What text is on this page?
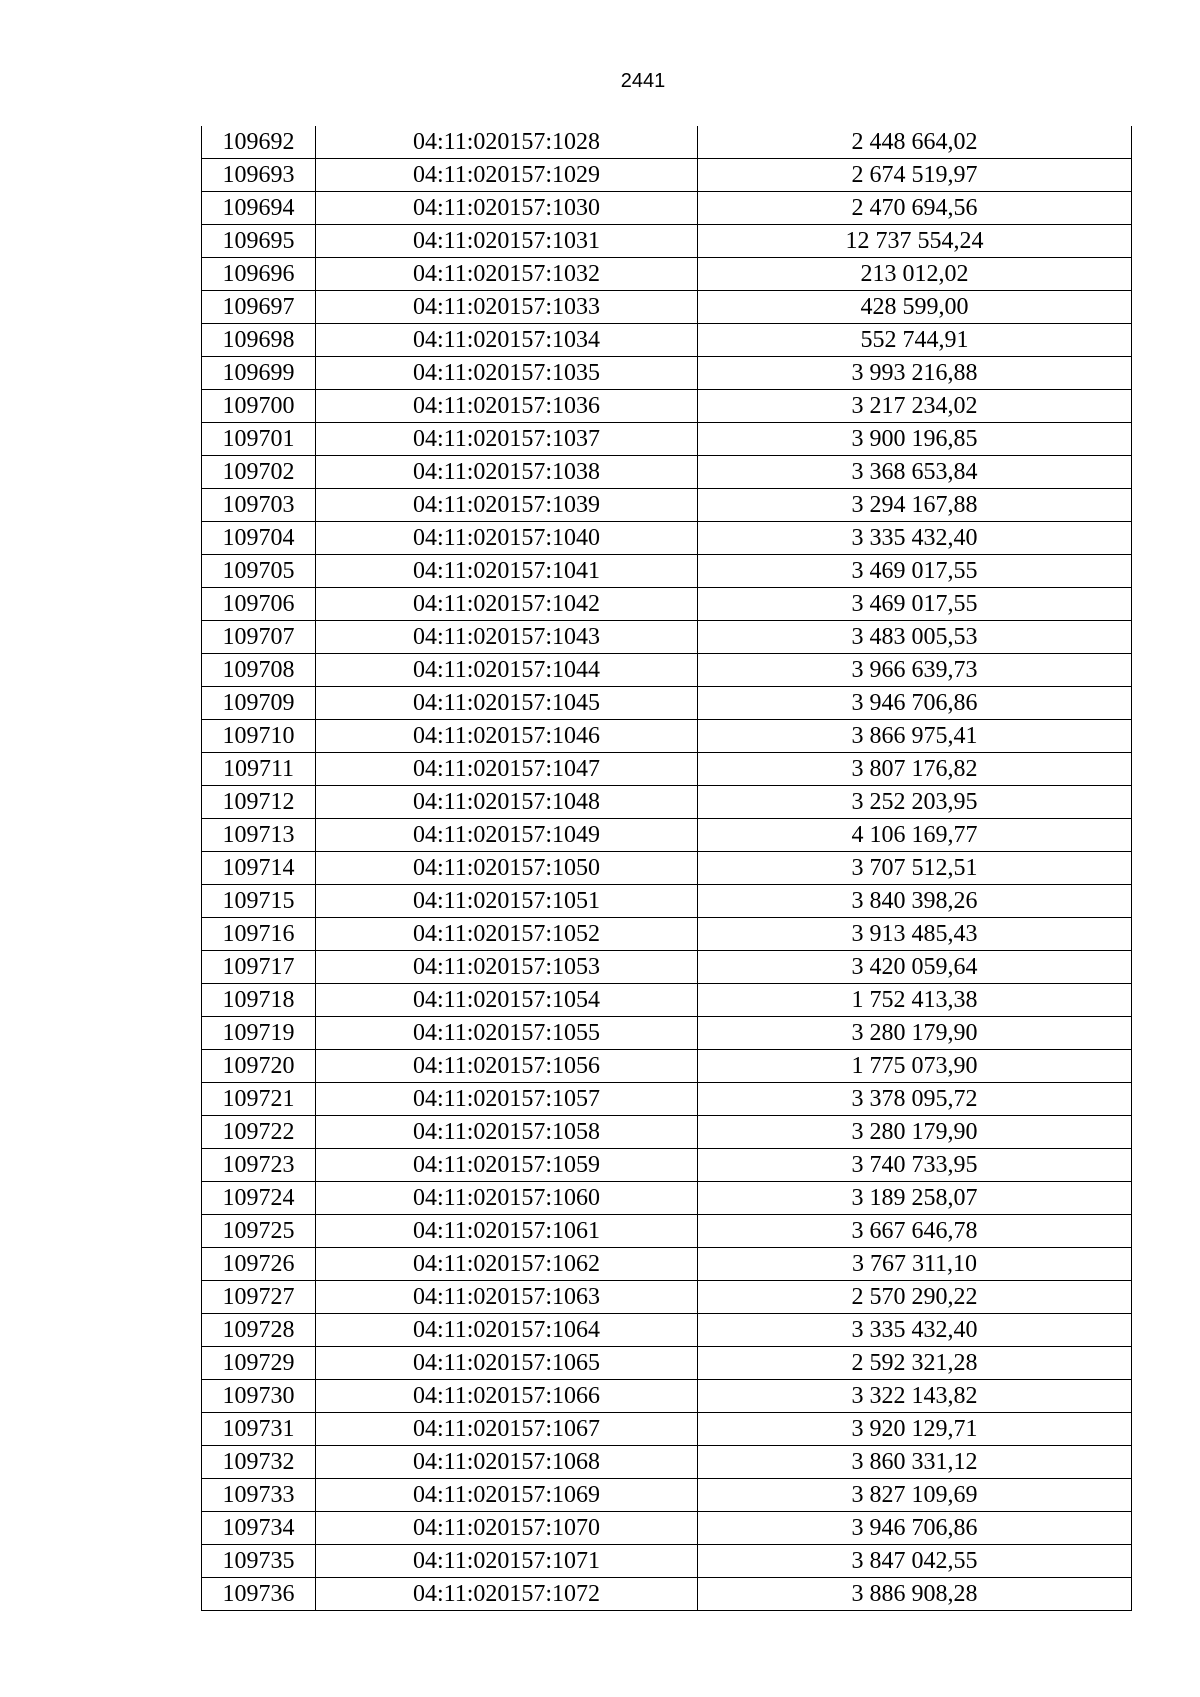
2441
109692	04:11:020157:1028	2 448 664,02
109693	04:11:020157:1029	2 674 519,97
109694	04:11:020157:1030	2 470 694,56
109695	04:11:020157:1031	12 737 554,24
109696	04:11:020157:1032	213 012,02
109697	04:11:020157:1033	428 599,00
109698	04:11:020157:1034	552 744,91
109699	04:11:020157:1035	3 993 216,88
109700	04:11:020157:1036	3 217 234,02
109701	04:11:020157:1037	3 900 196,85
109702	04:11:020157:1038	3 368 653,84
109703	04:11:020157:1039	3 294 167,88
109704	04:11:020157:1040	3 335 432,40
109705	04:11:020157:1041	3 469 017,55
109706	04:11:020157:1042	3 469 017,55
109707	04:11:020157:1043	3 483 005,53
109708	04:11:020157:1044	3 966 639,73
109709	04:11:020157:1045	3 946 706,86
109710	04:11:020157:1046	3 866 975,41
109711	04:11:020157:1047	3 807 176,82
109712	04:11:020157:1048	3 252 203,95
109713	04:11:020157:1049	4 106 169,77
109714	04:11:020157:1050	3 707 512,51
109715	04:11:020157:1051	3 840 398,26
109716	04:11:020157:1052	3 913 485,43
109717	04:11:020157:1053	3 420 059,64
109718	04:11:020157:1054	1 752 413,38
109719	04:11:020157:1055	3 280 179,90
109720	04:11:020157:1056	1 775 073,90
109721	04:11:020157:1057	3 378 095,72
109722	04:11:020157:1058	3 280 179,90
109723	04:11:020157:1059	3 740 733,95
109724	04:11:020157:1060	3 189 258,07
109725	04:11:020157:1061	3 667 646,78
109726	04:11:020157:1062	3 767 311,10
109727	04:11:020157:1063	2 570 290,22
109728	04:11:020157:1064	3 335 432,40
109729	04:11:020157:1065	2 592 321,28
109730	04:11:020157:1066	3 322 143,82
109731	04:11:020157:1067	3 920 129,71
109732	04:11:020157:1068	3 860 331,12
109733	04:11:020157:1069	3 827 109,69
109734	04:11:020157:1070	3 946 706,86
109735	04:11:020157:1071	3 847 042,55
109736	04:11:020157:1072	3 886 908,28
